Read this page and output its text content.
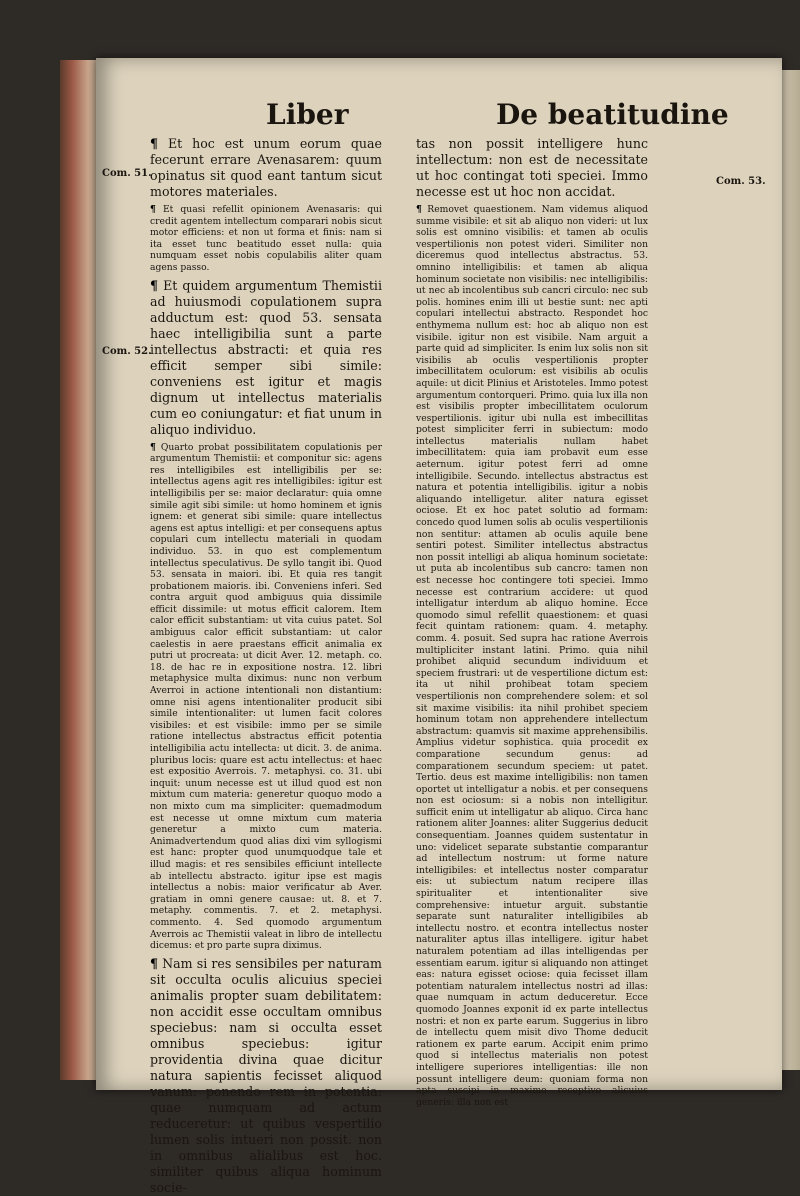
Liber	De beatitudine
Com. 51.
Com. 52.
Com. 53.

¶ Et hoc est unum eorum quae fecerunt errare Avenasarem: quum opinatus sit quod eant tantum sicut motores materiales.

¶ Et quasi refellit opinionem Avenasaris: qui credit agentem intellectum comparari nobis sicut motor efficiens: et non ut forma et finis: nam si ita esset tunc beatitudo esset nulla: quia numquam esset nobis copulabilis aliter quam agens passo.

¶ Et quidem argumentum Themistii ad huiusmodi copulationem supra adductum est: quod 53. sensata haec intelligibilia sunt a parte intellectus abstracti: et quia res efficit semper sibi simile: conveniens est igitur et magis dignum ut intellectus materialis cum eo coniungatur: et fiat unum in aliquo individuo.

¶ Quarto probat possibilitatem copulationis per argumentum Themistii: et componitur sic: agens res intelligibiles est intelligibilis per se: intellectus agens agit res intelligibiles: igitur est intelligibilis per se: maior declaratur: quia omne simile agit sibi simile: ut homo hominem et ignis ignem: et generat sibi simile: quare intellectus agens est aptus intelligi: et per consequens aptus copulari cum intellectu materiali in quodam individuo. 53. in quo est complementum intellectus speculativus. De syllo tangit ibi. Quod 53. sensata in maiori. ibi. Et quia res tangit probationem maioris. ibi. Conveniens inferi. Sed contra arguit quod ambiguus quia dissimile efficit dissimile: ut motus efficit calorem. Item calor efficit substantiam: ut vita cuius patet. Sol ambiguus calor efficit substantiam: ut calor caelestis in aere praestans efficit animalia ex putri ut procreata: ut dicit Aver. 12. metaph. co. 18. de hac re in expositione nostra. 12. libri metaphysice multa diximus: nunc non verbum Averroi in actione intentionali non distantium: omne nisi agens intentionaliter producit sibi simile intentionaliter: ut lumen facit colores visibiles: et est visibile: immo per se simile ratione intellectus abstractus efficit potentia intelligibilia actu intellecta: ut dicit. 3. de anima. pluribus locis: quare est actu intellectus: et haec est expositio Averrois. 7. metaphysi. co. 31. ubi inquit: unum necesse est ut illud quod est non mixtum cum materia: generetur quoquo modo a non mixto cum ma simpliciter: quemadmodum est necesse ut omne mixtum cum materia generetur a mixto cum materia. Animadvertendum quod alias dixi vim syllogismi est hanc: propter quod unumquodque tale et illud magis: et res sensibiles efficiunt intellecte ab intellectu abstracto. igitur ipse est magis intellectus a nobis: maior verificatur ab Aver. gratiam in omni genere causae: ut. 8. et 7. metaphy. commentis. 7. et 2. metaphysi. commento. 4. Sed quomodo argumentum Averrois ac Themistii valeat in libro de intellectu dicemus: et pro parte supra diximus.

¶ Nam si res sensibiles per naturam sit occulta oculis alicuius speciei animalis propter suam debilitatem: non accidit esse occultam omnibus speciebus: nam si occulta esset omnibus speciebus: igitur providentia divina quae dicitur natura sapientis fecisset aliquod vanum: ponendo rem in potentia: quae numquam ad actum reduceretur: ut quibus vespertilio lumen solis intueri non possit. non in omnibus alialibus est hoc. similiter quibus aliqua hominum socie-

tas non possit intelligere hunc intellectum: non est de necessitate ut hoc contingat toti speciei. Immo necesse est ut hoc non accidat.

¶ Removet quaestionem. Nam videmus aliquod summe visibile: et sit ab aliquo non videri: ut lux solis est omnino visibilis: et tamen ab oculis vespertilionis non potest videri. Similiter non diceremus quod intellectus abstractus. 53. omnino intelligibilis: et tamen ab aliqua hominum societate non visibilis: nec intelligibilis: ut nec ab incolentibus sub cancri circulo: nec sub polis. homines enim illi ut bestie sunt: nec apti copulari intellectui abstracto. Respondet hoc enthymema nullum est: hoc ab aliquo non est visibile. igitur non est visibile. Nam arguit a parte quid ad simpliciter. Is enim lux solis non sit visibilis ab oculis vespertilionis propter imbecillitatem oculorum: est visibilis ab oculis aquile: ut dicit Plinius et Aristoteles. Immo potest argumentum contorqueri. Primo. quia lux illa non est visibilis propter imbecillitatem oculorum vespertilionis. igitur ubi nulla est imbecillitas potest simpliciter ferri in subiectum: modo intellectus materialis nullam habet imbecillitatem: quia iam probavit eum esse aeternum. igitur potest ferri ad omne intelligibile. Secundo. intellectus abstractus est natura et potentia intelligibilis. igitur a nobis aliquando intelligetur. aliter natura egisset ociose. Et ex hoc patet solutio ad formam: concedo quod lumen solis ab oculis vespertilionis non sentitur: attamen ab oculis aquile bene sentiri potest. Similiter intellectus abstractus non possit intelligi ab aliqua hominum societate: ut puta ab incolentibus sub cancro: tamen non est necesse hoc contingere toti speciei. Immo necesse est contrarium accidere: ut quod intelligatur interdum ab aliquo homine. Ecce quomodo simul refellit quaestionem: et quasi fecit quintam rationem: quam. 4. metaphy. comm. 4. posuit. Sed supra hac ratione Averrois multipliciter instant latini. Primo. quia nihil prohibet aliquid secundum individuum et speciem frustrari: ut de vespertilione dictum est: ita ut nihil prohibeat totam speciem vespertilionis non comprehendere solem: et sol sit maxime visibilis: ita nihil prohibet speciem hominum totam non apprehendere intellectum abstractum: quamvis sit maxime apprehensibilis. Amplius videtur sophistica. quia procedit ex comparatione secundum genus: ad comparationem secundum speciem: ut patet. Tertio. deus est maxime intelligibilis: non tamen oportet ut intelligatur a nobis. et per consequens non est ociosum: si a nobis non intelligitur. sufficit enim ut intelligatur ab aliquo. Circa hanc rationem aliter Joannes: aliter Suggerius deducit consequentiam. Joannes quidem sustentatur in uno: videlicet separate substantie comparantur ad intellectum nostrum: ut forme nature intelligibiles: et intellectus noster comparatur eis: ut subiectum natum recipere illas spiritualiter et intentionaliter sive comprehensive: intuetur arguit. substantie separate sunt naturaliter intelligibiles ab intellectu nostro. et econtra intellectus noster naturaliter aptus illas intelligere. igitur habet naturalem potentiam ad illas intelligendas per essentiam earum. igitur si aliquando non attinget eas: natura egisset ociose: quia fecisset illam potentiam naturalem intellectus nostri ad illas: quae numquam in actum deduceretur. Ecce quomodo Joannes exponit id ex parte intellectus nostri: et non ex parte earum. Suggerius in libro de intellectu quem misit divo Thome deducit rationem ex parte earum. Accipit enim primo quod si intellectus materialis non potest intelligere superiores intelligentias: ille non possunt intelligere deum: quoniam forma non apta suscipi in maximo receptivo alicuius generis: illa non est
